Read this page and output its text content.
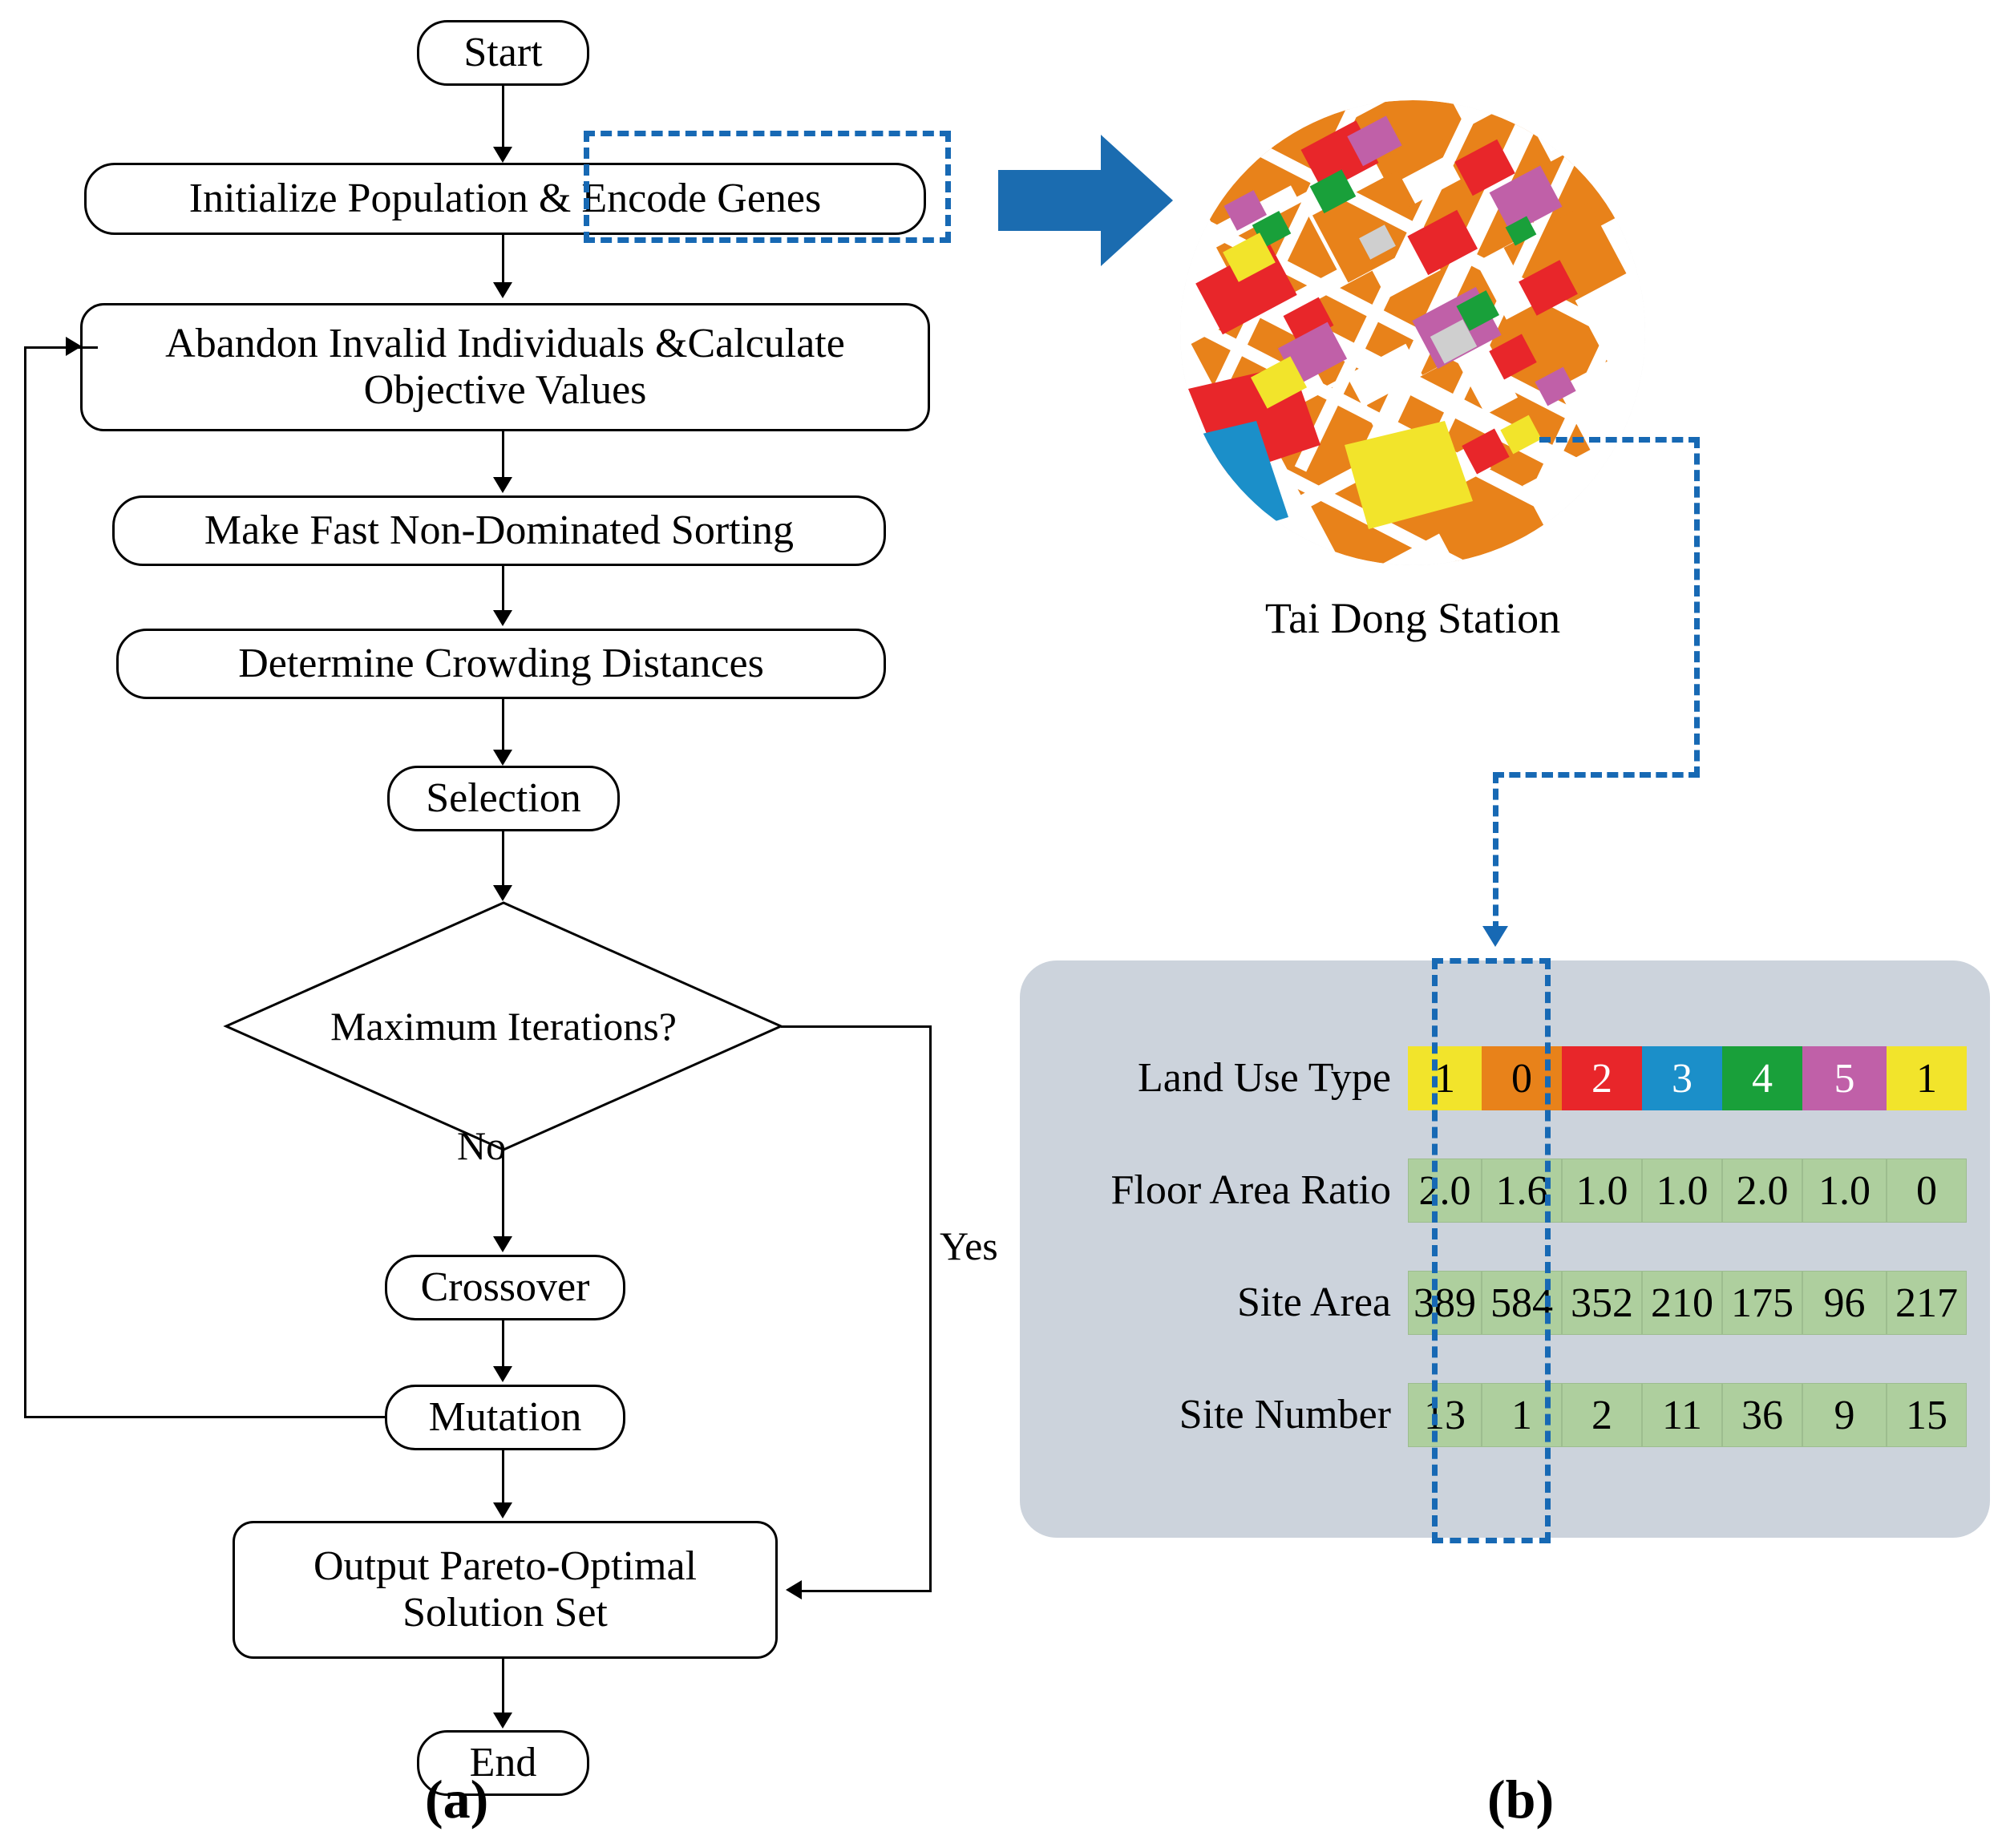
Start
Initialize Population & Encode Genes
Abandon Invalid Individuals &Calculate
Objective Values
Make Fast Non-Dominated Sorting
Determine Crowding Distances
Selection
Maximum Iterations?
No
Crossover
Mutation
Output Pareto-Optimal
Solution Set
Yes
End
(a)
Tai Dong Station
Land Use Type
Floor Area Ratio
Site Area
Site Number
1	0	2	3	4	5	1
2.0 1.6 1.0 1.0 2.0 1.0	0
389 584 352 210 175 96 217
13	1	2	11 36	9	15
(b)
